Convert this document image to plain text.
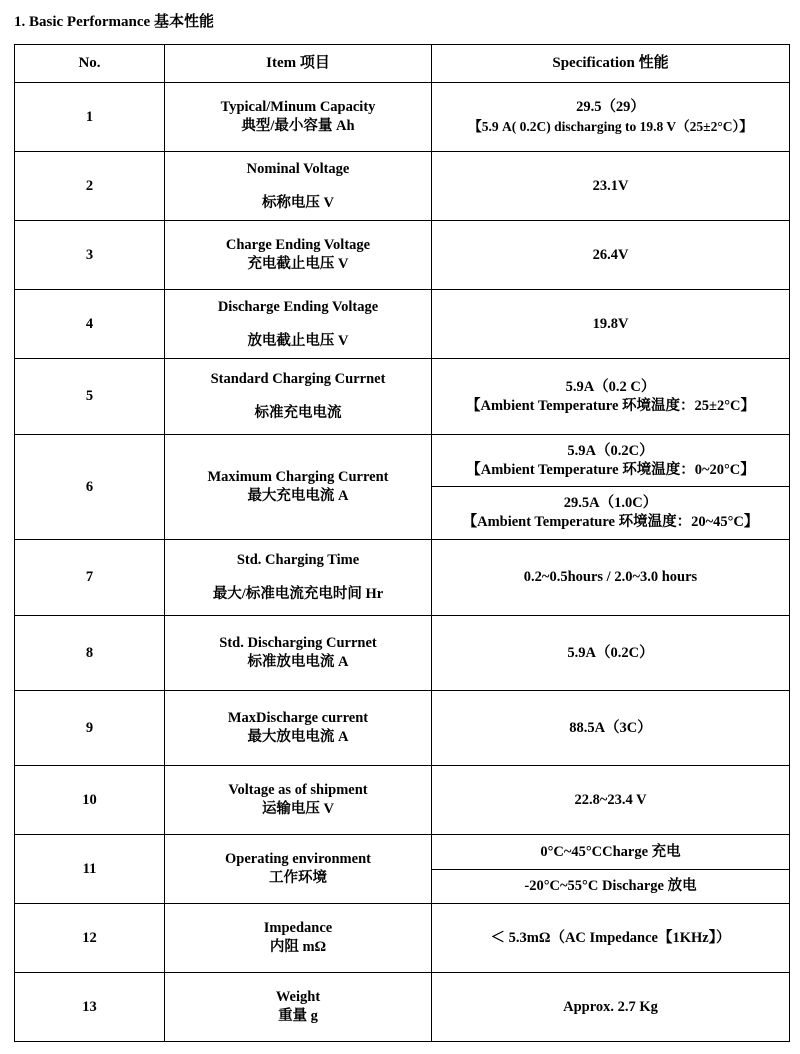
1. Basic Performance 基本性能
No.	Item 项目	Specification 性能
1	Typical/Minum Capacity
典型/最小容量 Ah	29.5（29）
【5.9 A( 0.2C) discharging to 19.8 V（25±2°C）】

2	Nominal Voltage
标称电压 V	23.1V
3	Charge Ending Voltage
充电截止电压 V	26.4V
4	Discharge Ending Voltage
放电截止电压 V	19.8V
5	Standard Charging Currnet
标准充电电流	5.9A（0.2 C）
【Ambient Temperature 环境温度：25±2°C】

6	Maximum Charging Current
最大充电电流 A	5.9A（0.2C）
【Ambient Temperature 环境温度：0~20°C】

		29.5A（1.0C）
【Ambient Temperature 环境温度：20~45°C】

7	Std. Charging Time
最大/标准电流充电时间 Hr	0.2~0.5hours / 2.0~3.0 hours
8	Std. Discharging Currnet
标准放电电流 A	5.9A（0.2C）
9	MaxDischarge current
最大放电电流 A	88.5A（3C）
10	Voltage as of shipment
运输电压 V	22.8~23.4 V
11	Operating environment
工作环境	0°C~45°CCharge 充电
		-20°C~55°C Discharge 放电
12	Impedance
内阻 mΩ	＜ 5.3mΩ（AC Impedance【1KHz】）
13	Weight
重量 g	Approx. 2.7 Kg
